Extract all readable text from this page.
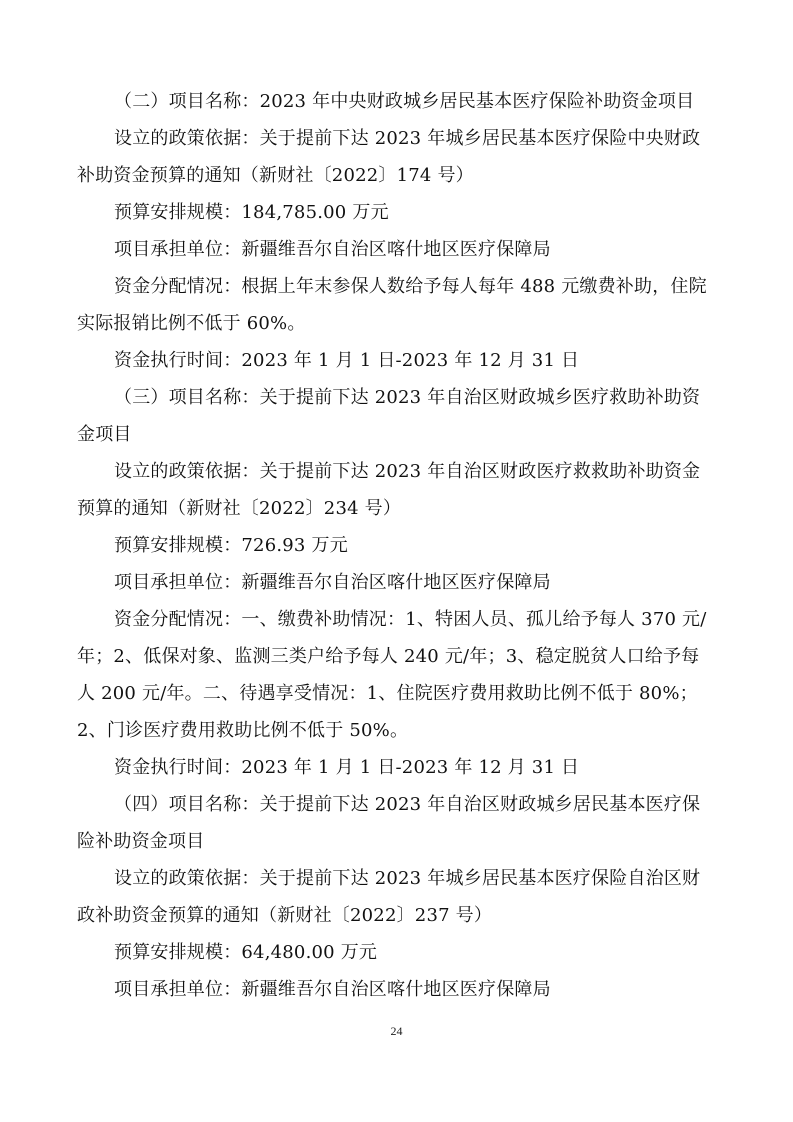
（二）项目名称：2023 年中央财政城乡居民基本医疗保险补助资金项目

设立的政策依据：关于提前下达 2023 年城乡居民基本医疗保险中央财政补助资金预算的通知（新财社〔2022〕174 号）

预算安排规模：184,785.00 万元

项目承担单位：新疆维吾尔自治区喀什地区医疗保障局

资金分配情况：根据上年末参保人数给予每人每年 488 元缴费补助，住院实际报销比例不低于 60%。

资金执行时间：2023 年 1 月 1 日-2023 年 12 月 31 日

（三）项目名称：关于提前下达 2023 年自治区财政城乡医疗救助补助资金项目

设立的政策依据：关于提前下达 2023 年自治区财政医疗救救助补助资金预算的通知（新财社〔2022〕234 号）

预算安排规模：726.93 万元

项目承担单位：新疆维吾尔自治区喀什地区医疗保障局

资金分配情况：一、缴费补助情况：1、特困人员、孤儿给予每人 370 元/年；2、低保对象、监测三类户给予每人 240 元/年；3、稳定脱贫人口给予每人 200 元/年。二、待遇享受情况：1、住院医疗费用救助比例不低于 80%；2、门诊医疗费用救助比例不低于 50%。

资金执行时间：2023 年 1 月 1 日-2023 年 12 月 31 日

（四）项目名称：关于提前下达 2023 年自治区财政城乡居民基本医疗保险补助资金项目

设立的政策依据：关于提前下达 2023 年城乡居民基本医疗保险自治区财政补助资金预算的通知（新财社〔2022〕237 号）

预算安排规模：64,480.00 万元

项目承担单位：新疆维吾尔自治区喀什地区医疗保障局

24
